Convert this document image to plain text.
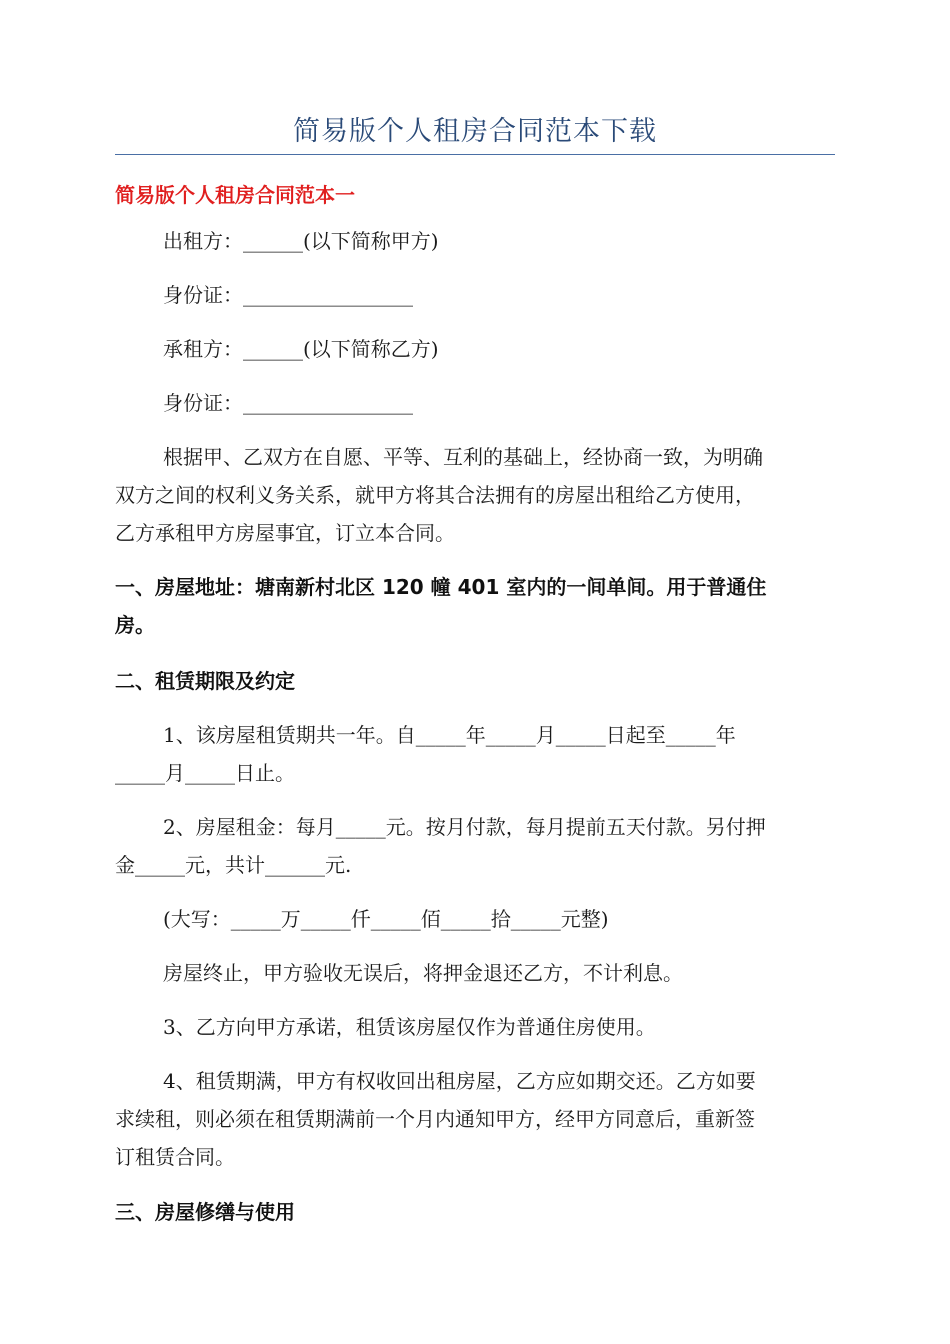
简易版个人租房合同范本下载
简易版个人租房合同范本一
出租方：______(以下简称甲方)
身份证：_________________
承租方：______(以下简称乙方)
身份证：_________________
根据甲、乙双方在自愿、平等、互利的基础上，经协商一致，为明确
双方之间的权利义务关系，就甲方将其合法拥有的房屋出租给乙方使用，
乙方承租甲方房屋事宜，订立本合同。
一、房屋地址：塘南新村北区 120 幢 401 室内的一间单间。用于普通住
房。
二、租赁期限及约定
1、该房屋租赁期共一年。自_____年_____月_____日起至_____年
_____月_____日止。
2、房屋租金：每月_____元。按月付款，每月提前五天付款。另付押
金_____元，共计______元.
(大写：_____万_____仟_____佰_____拾_____元整)
房屋终止，甲方验收无误后，将押金退还乙方，不计利息。
3、乙方向甲方承诺，租赁该房屋仅作为普通住房使用。
4、租赁期满，甲方有权收回出租房屋，乙方应如期交还。乙方如要
求续租，则必须在租赁期满前一个月内通知甲方，经甲方同意后，重新签
订租赁合同。
三、房屋修缮与使用
